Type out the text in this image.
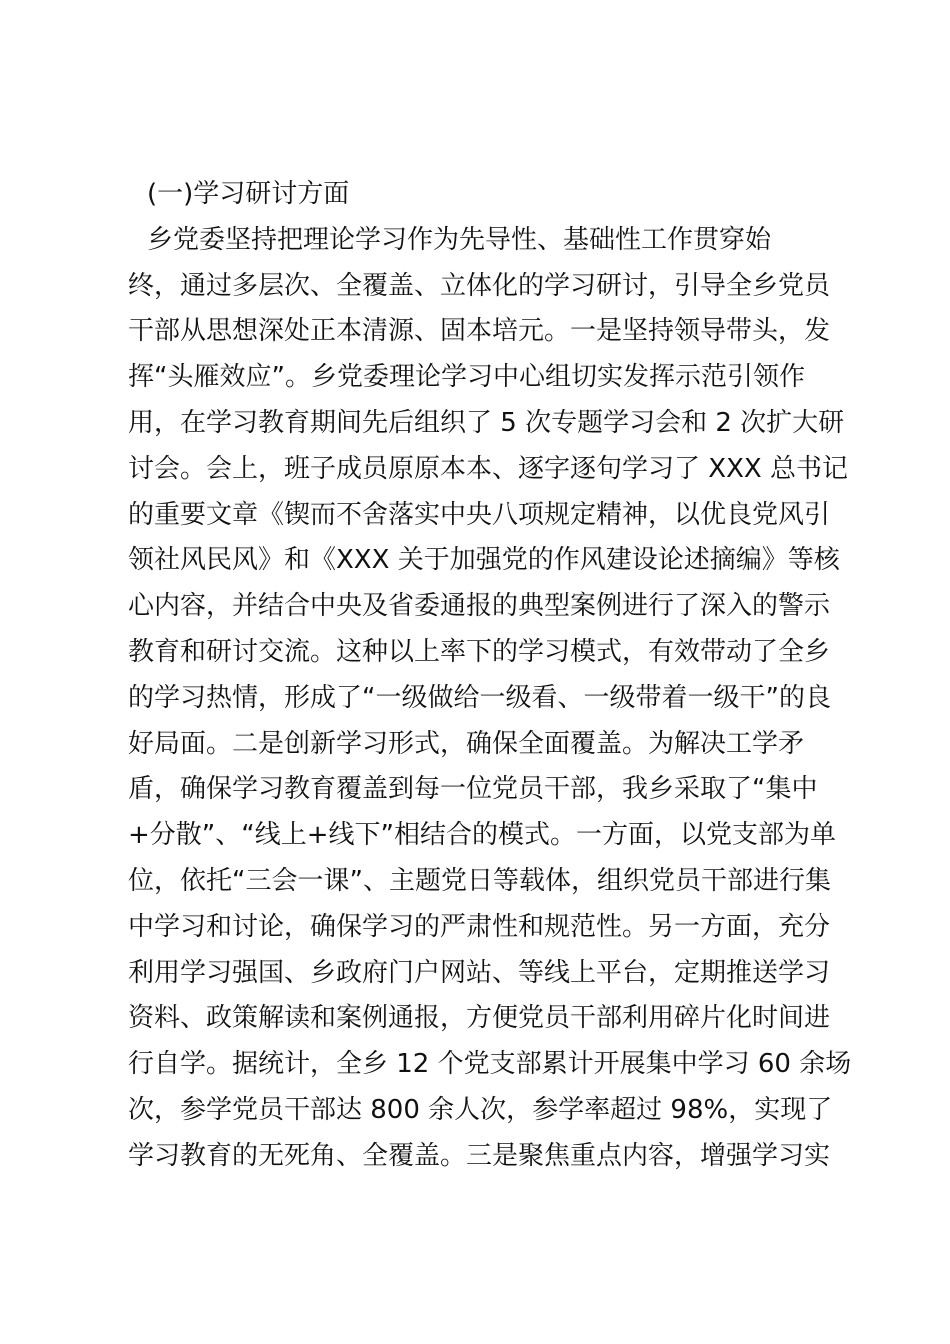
(一)学习研讨方面
乡党委坚持把理论学习作为先导性、基础性工作贯穿始
终，通过多层次、全覆盖、立体化的学习研讨，引导全乡党员
干部从思想深处正本清源、固本培元。一是坚持领导带头，发
挥“头雁效应”。乡党委理论学习中心组切实发挥示范引领作
用，在学习教育期间先后组织了 5 次专题学习会和 2 次扩大研
讨会。会上，班子成员原原本本、逐字逐句学习了 XXX 总书记
的重要文章《锲而不舍落实中央八项规定精神，以优良党风引
领社风民风》和《XXX 关于加强党的作风建设论述摘编》等核
心内容，并结合中央及省委通报的典型案例进行了深入的警示
教育和研讨交流。这种以上率下的学习模式，有效带动了全乡
的学习热情，形成了“一级做给一级看、一级带着一级干”的良
好局面。二是创新学习形式，确保全面覆盖。为解决工学矛
盾，确保学习教育覆盖到每一位党员干部，我乡采取了“集中
+分散”、“线上+线下”相结合的模式。一方面，以党支部为单
位，依托“三会一课”、主题党日等载体，组织党员干部进行集
中学习和讨论，确保学习的严肃性和规范性。另一方面，充分
利用学习强国、乡政府门户网站、等线上平台，定期推送学习
资料、政策解读和案例通报，方便党员干部利用碎片化时间进
行自学。据统计，全乡 12 个党支部累计开展集中学习 60 余场
次，参学党员干部达 800 余人次，参学率超过 98%，实现了
学习教育的无死角、全覆盖。三是聚焦重点内容，增强学习实
